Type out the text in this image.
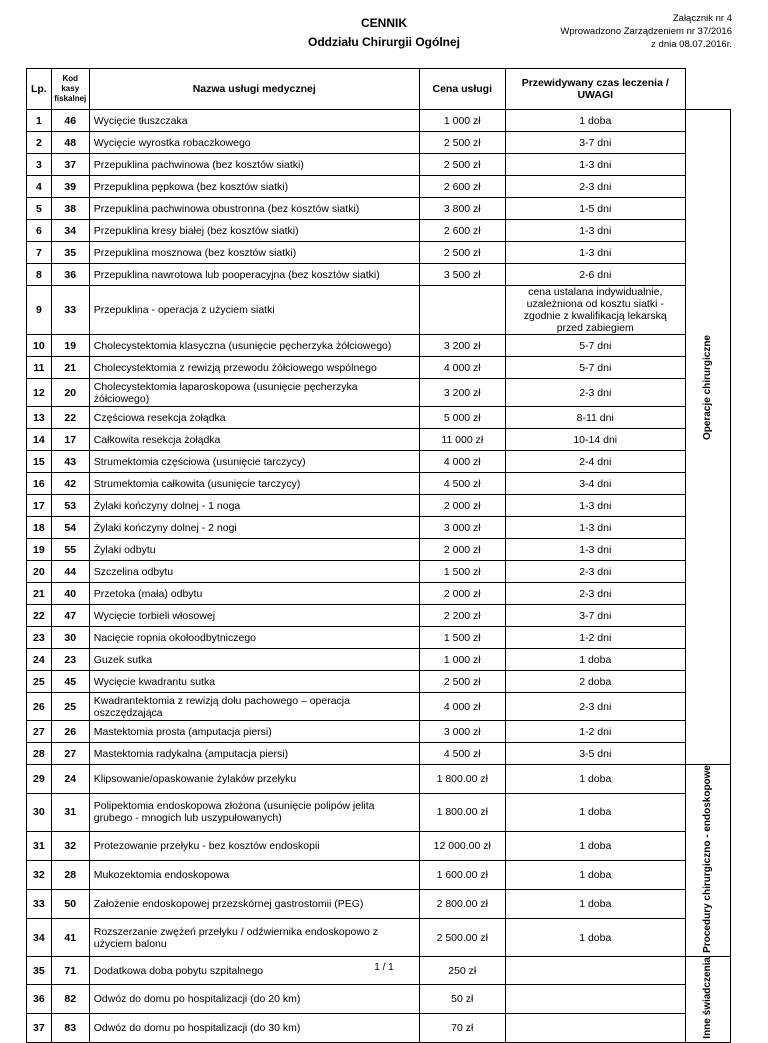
CENNIK
Oddziału Chirurgii Ogólnej
Załącznik nr 4
Wprowadzono Zarządzeniem nr 37/2016
z dnia 08.07.2016r.
Lp.	Kod kasy fiskalnej	Nazwa usługi medycznej	Cena usługi	Przewidywany czas leczenia / UWAGI	
1	46	Wycięcie tłuszczaka	1 000 zł	1 doba	Operacje chirurgiczne
2	48	Wycięcie wyrostka robaczkowego	2 500 zł	3-7 dni	
3	37	Przepuklina pachwinowa (bez kosztów siatki)	2 500 zł	1-3 dni	
4	39	Przepuklina pępkowa (bez kosztów siatki)	2 600 zł	2-3 dni	
5	38	Przepuklina pachwinowa obustronna (bez kosztów siatki)	3 800 zł	1-5 dni	
6	34	Przepuklina kresy białej (bez kosztów siatki)	2 600 zł	1-3 dni	
7	35	Przepuklina mosznowa (bez kosztów siatki)	2 500 zł	1-3 dni	
8	36	Przepuklina nawrotowa lub pooperacyjna (bez kosztów siatki)	3 500 zł	2-6 dni	
9	33	Przepuklina - operacja z użyciem siatki		cena ustalana indywidualnie, uzależniona od kosztu siatki - zgodnie z kwalifikacją lekarską przed zabiegiem	
10	19	Cholecystektomia klasyczna (usunięcie pęcherzyka żółciowego)	3 200 zł	5-7 dni	
11	21	Cholecystektomia z rewizją przewodu żółciowego wspólnego	4 000 zł	5-7 dni	
12	20	Cholecystektomia laparoskopowa (usunięcie pęcherzyka żółciowego)	3 200 zł	2-3 dni	
13	22	Częściowa resekcja żołądka	5 000 zł	8-11 dni	
14	17	Całkowita resekcja żołądka	11 000 zł	10-14 dni	
15	43	Strumektomia częściowa (usunięcie tarczycy)	4 000 zł	2-4 dni	
16	42	Strumektomia całkowita (usunięcie tarczycy)	4 500 zł	3-4 dni	
17	53	Żylaki kończyny dolnej - 1 noga	2 000 zł	1-3 dni	
18	54	Żylaki kończyny dolnej - 2 nogi	3 000 zł	1-3 dni	
19	55	Żylaki odbytu	2 000 zł	1-3 dni	
20	44	Szczelina odbytu	1 500 zł	2-3 dni	
21	40	Przetoka (mała) odbytu	2 000 zł	2-3 dni	
22	47	Wycięcie torbieli włosowej	2 200 zł	3-7 dni	
23	30	Nacięcie ropnia okołoodbytniczego	1 500 zł	1-2 dni	
24	23	Guzek sutka	1 000 zł	1 doba	
25	45	Wycięcie kwadrantu sutka	2 500 zł	2 doba	
26	25	Kwadrantektomia z rewizją dołu pachowego – operacja oszczędzająca	4 000 zł	2-3 dni	
27	26	Mastektomia prosta (amputacja piersi)	3 000 zł	1-2 dni	
28	27	Mastektomia radykalna (amputacja piersi)	4 500 zł	3-5 dni	
29	24	Klipsowanie/opaskowanie żylaków przełyku	1 800.00 zł	1 doba	Procedury chirurgiczno - endoskopowe
30	31	Polipektomia endoskopowa złożona (usunięcie polipów jelita grubego - mnogich lub uszypułowanych)	1 800.00 zł	1 doba	
31	32	Protezowanie przełyku - bez kosztów endoskopii	12 000.00 zł	1 doba	
32	28	Mukozektomia endoskopowa	1 600.00 zł	1 doba	
33	50	Założenie endoskopowej przezskórnej gastrostomii (PEG)	2 800.00 zł	1 doba	
34	41	Rozszerzanie zwężeń przełyku / odźwiernika endoskopowo z użyciem balonu	2 500.00 zł	1 doba	
35	71	Dodatkowa doba pobytu szpitalnego	250 zł		Inne świadczenia
36	82	Odwóz do domu po hospitalizacji (do 20 km)	50 zł		
37	83	Odwóz do domu po hospitalizacji (do 30 km)	70 zł		
1 / 1
